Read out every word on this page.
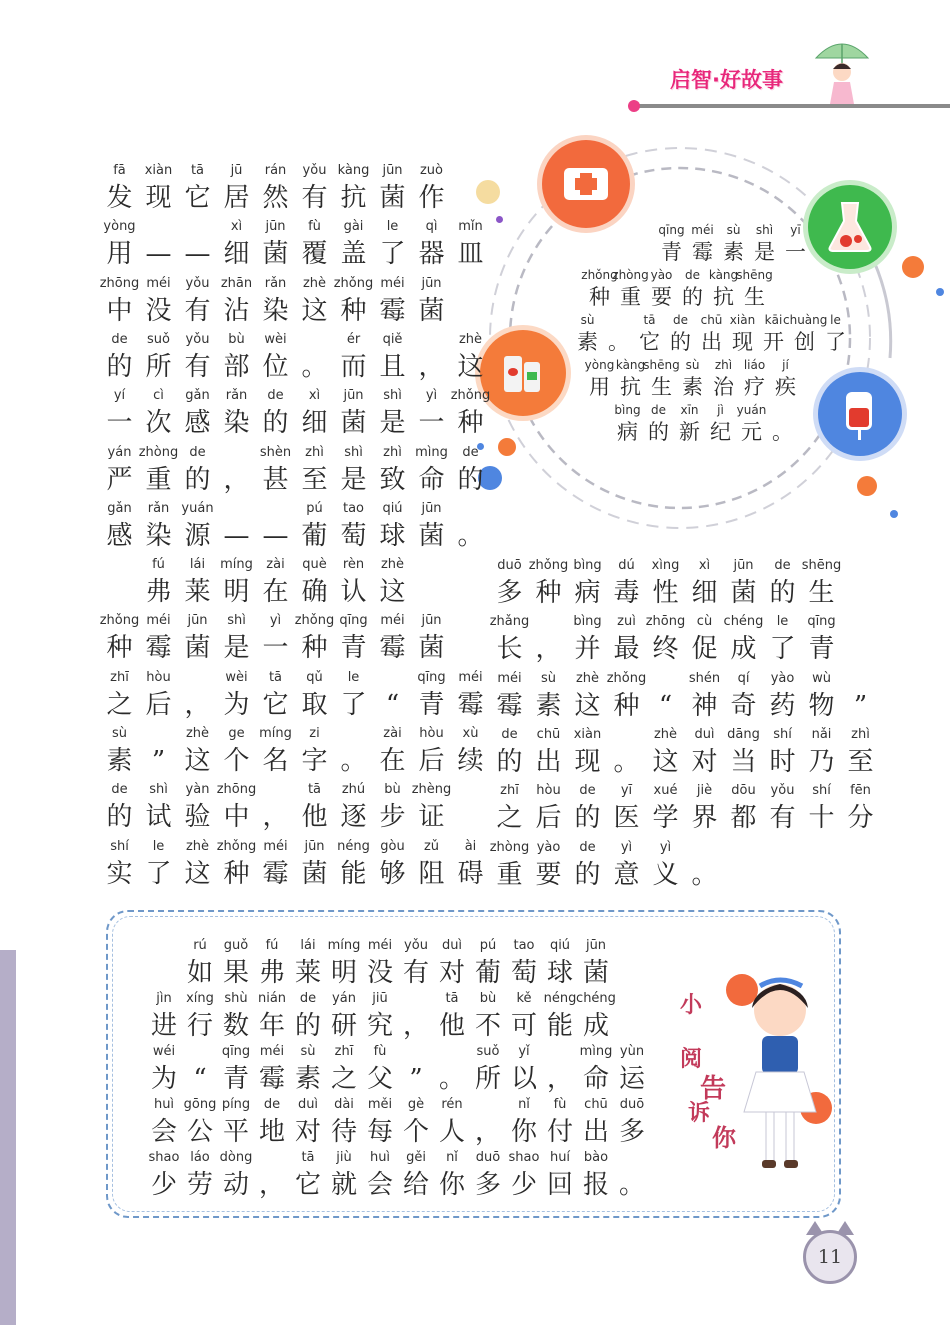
启智·好故事
fā
发
xiàn
现
tā
它
jū
居
rán
然
yǒu
有
kàng
抗
jūn
菌
zuò
作
yòng
用 — —
xì
细
jūn
菌
fù
覆
gài
盖
le
了
qì
器
mǐn
皿
zhōng
中
méi
没
yǒu
有
zhān
沾
rǎn
染
zhè
这
zhǒng
种
méi
霉
jūn
菌
de
的
suǒ
所
yǒu
有
bù
部
wèi
位 。
ér
而
qiě
且 ，
zhè
这
yí
一
cì
次
gǎn
感
rǎn
染
de
的
xì
细
jūn
菌
shì
是
yì
一
zhǒng
种
yán
严
zhòng
重
de
的 ，
shèn
甚
zhì
至
shì
是
zhì
致
mìng
命
de
的
gǎn
感
rǎn
染
yuán
源 — —
pú
葡
tao
萄
qiú
球
jūn
菌 。
fú
弗
lái
莱
míng
明
zài
在
què
确
rèn
认
zhè
这
zhǒng
种
méi
霉
jūn
菌
shì
是
yì
一
zhǒng
种
qīng
青
méi
霉
jūn
菌
zhī
之
hòu
后 ，
wèi
为
tā
它
qǔ
取
le
了 “
qīng
青
méi
霉
sù
素 ”
zhè
这
ge
个
míng
名
zi
字 。
zài
在
hòu
后
xù
续
de
的
shì
试
yàn
验
zhōng
中 ，
tā
他
zhú
逐
bù
步
zhèng
证
shí
实
le
了
zhè
这
zhǒng
种
méi
霉
jūn
菌
néng
能
gòu
够
zǔ
阻
ài
碍
duō
多
zhǒng
种
bìng
病
dú
毒
xìng
性
xì
细
jūn
菌
de
的
shēng
生
zhǎng
长 ，
bìng
并
zuì
最
zhōng
终
cù
促
chéng
成
le
了
qīng
青
méi
霉
sù
素
zhè
这
zhǒng
种 “
shén
神
qí
奇
yào
药
wù
物 ”
de
的
chū
出
xiàn
现 。
zhè
这
duì
对
dāng
当
shí
时
nǎi
乃
zhì
至
zhī
之
hòu
后
de
的
yī
医
xué
学
jiè
界
dōu
都
yǒu
有
shí
十
fēn
分
zhòng
重
yào
要
de
的
yì
意
yì
义 。
qīng
青
méi
霉
sù
素
shì
是
yī
一
zhǒng
种
zhòng
重
yào
要
de
的
kàng
抗
shēng
生
sù
素 。
tā
它
de
的
chū
出
xiàn
现
kāi
开
chuàng
创
le
了
yòng
用
kàng
抗
shēng
生
sù
素
zhì
治
liáo
疗
jí
疾
bìng
病
de
的
xīn
新
jì
纪
yuán
元 。
rú
如
guǒ
果
fú
弗
lái
莱
míng
明
méi
没
yǒu
有
duì
对
pú
葡
tao
萄
qiú
球
jūn
菌
jìn
进
xíng
行
shù
数
nián
年
de
的
yán
研
jiū
究 ，
tā
他
bù
不
kě
可
néng
能
chéng
成
wéi
为 “
qīng
青
méi
霉
sù
素
zhī
之
fù
父 ” 。
suǒ
所
yǐ
以 ，
mìng
命
yùn
运
huì
会
gōng
公
píng
平
de
地
duì
对
dài
待
měi
每
gè
个
rén
人 ，
nǐ
你
fù
付
chū
出
duō
多
shao
少
láo
劳
dòng
动 ，
tā
它
jiù
就
huì
会
gěi
给
nǐ
你
duō
多
shao
少
huí
回
bào
报 。
小
阅
告
诉
你
11
